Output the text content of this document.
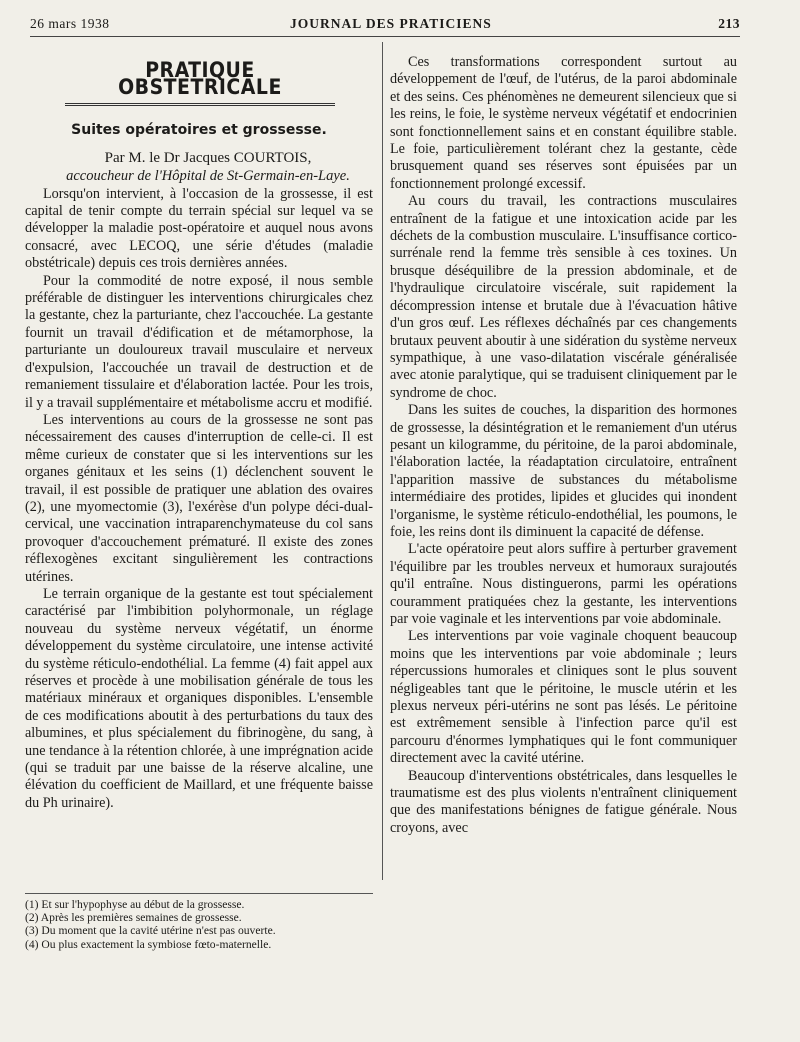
26 mars 1938	JOURNAL DES PRATICIENS	213
PRATIQUE OBSTETRICALE
Suites opératoires et grossesse.

Par M. le Dr Jacques COURTOIS,

accoucheur de l'Hôpital de St-Germain-en-Laye.

Lorsqu'on intervient, à l'occasion de la grossesse, il est capital de tenir compte du terrain spécial sur lequel va se développer la maladie post-opératoire et auquel nous avons consacré, avec LECOQ, une série d'études (maladie obstétricale) depuis ces trois dernières années.

Pour la commodité de notre exposé, il nous semble préférable de distinguer les interventions chirurgicales chez la gestante, chez la parturiante, chez l'accouchée. La gestante fournit un travail d'édification et de métamorphose, la parturiante un douloureux travail musculaire et nerveux d'expulsion, l'accouchée un travail de destruction et de remaniement tissulaire et d'élaboration lactée. Pour les trois, il y a travail supplémentaire et métabolisme accru et modifié.

Les interventions au cours de la grossesse ne sont pas nécessairement des causes d'interruption de celle-ci. Il est même curieux de constater que si les interventions sur les organes génitaux et les seins (1) déclenchent souvent le travail, il est possible de pratiquer une ablation des ovaires (2), une myomectomie (3), l'exérèse d'un polype déci-dual-cervical, une vaccination intraparenchymateuse du col sans provoquer d'accouchement prématuré. Il existe des zones réflexogènes excitant singulièrement les contractions utérines.

Le terrain organique de la gestante est tout spécialement caractérisé par l'imbibition polyhormonale, un réglage nouveau du système nerveux végétatif, un énorme développement du système circulatoire, une intense activité du système réticulo-endothélial. La femme (4) fait appel aux réserves et procède à une mobilisation générale de tous les matériaux minéraux et organiques disponibles. L'ensemble de ces modifications aboutit à des perturbations du taux des albumines, et plus spécialement du fibrinogène, du sang, à une tendance à la rétention chlorée, à une imprégnation acide (qui se traduit par une baisse de la réserve alcaline, une élévation du coefficient de Maillard, et une fréquente baisse du Ph urinaire).

(1) Et sur l'hypophyse au début de la grossesse.
(2) Après les premières semaines de grossesse.
(3) Du moment que la cavité utérine n'est pas ouverte.
(4) Ou plus exactement la symbiose fœto-maternelle.

Ces transformations correspondent surtout au développement de l'œuf, de l'utérus, de la paroi abdominale et des seins. Ces phénomènes ne demeurent silencieux que si les reins, le foie, le système nerveux végétatif et endocrinien sont fonctionnellement sains et en constant équilibre stable. Le foie, particulièrement tolérant chez la gestante, cède brusquement quand ses réserves sont épuisées par un fonctionnement prolongé excessif.

Au cours du travail, les contractions musculaires entraînent de la fatigue et une intoxication acide par les déchets de la combustion musculaire. L'insuffisance cortico-surrénale rend la femme très sensible à ces toxines. Un brusque déséquilibre de la pression abdominale, et de l'hydraulique circulatoire viscérale, suit rapidement la décompression intense et brutale due à l'évacuation hâtive d'un gros œuf. Les réflexes déchaînés par ces changements brutaux peuvent aboutir à une sidération du système nerveux sympathique, à une vaso-dilatation viscérale généralisée avec atonie paralytique, qui se traduisent cliniquement par le syndrome de choc.

Dans les suites de couches, la disparition des hormones de grossesse, la désintégration et le remaniement d'un utérus pesant un kilogramme, du péritoine, de la paroi abdominale, l'élaboration lactée, la réadaptation circulatoire, entraînent l'apparition massive de substances du métabolisme intermédiaire des protides, lipides et glucides qui inondent l'organisme, le système réticulo-endothélial, les poumons, le foie, les reins dont ils diminuent la capacité de défense.

L'acte opératoire peut alors suffire à perturber gravement l'équilibre par les troubles nerveux et humoraux surajoutés qu'il entraîne. Nous distinguerons, parmi les opérations couramment pratiquées chez la gestante, les interventions par voie vaginale et les interventions par voie abdominale.

Les interventions par voie vaginale choquent beaucoup moins que les interventions par voie abdominale ; leurs répercussions humorales et cliniques sont le plus souvent négligeables tant que le péritoine, le muscle utérin et les plexus nerveux péri-utérins ne sont pas lésés. Le péritoine est extrêmement sensible à l'infection parce qu'il est parcouru d'énormes lymphatiques qui le font communiquer directement avec la cavité utérine.

Beaucoup d'interventions obstétricales, dans lesquelles le traumatisme est des plus violents n'entraînent cliniquement que des manifestations bénignes de fatigue générale. Nous croyons, avec
